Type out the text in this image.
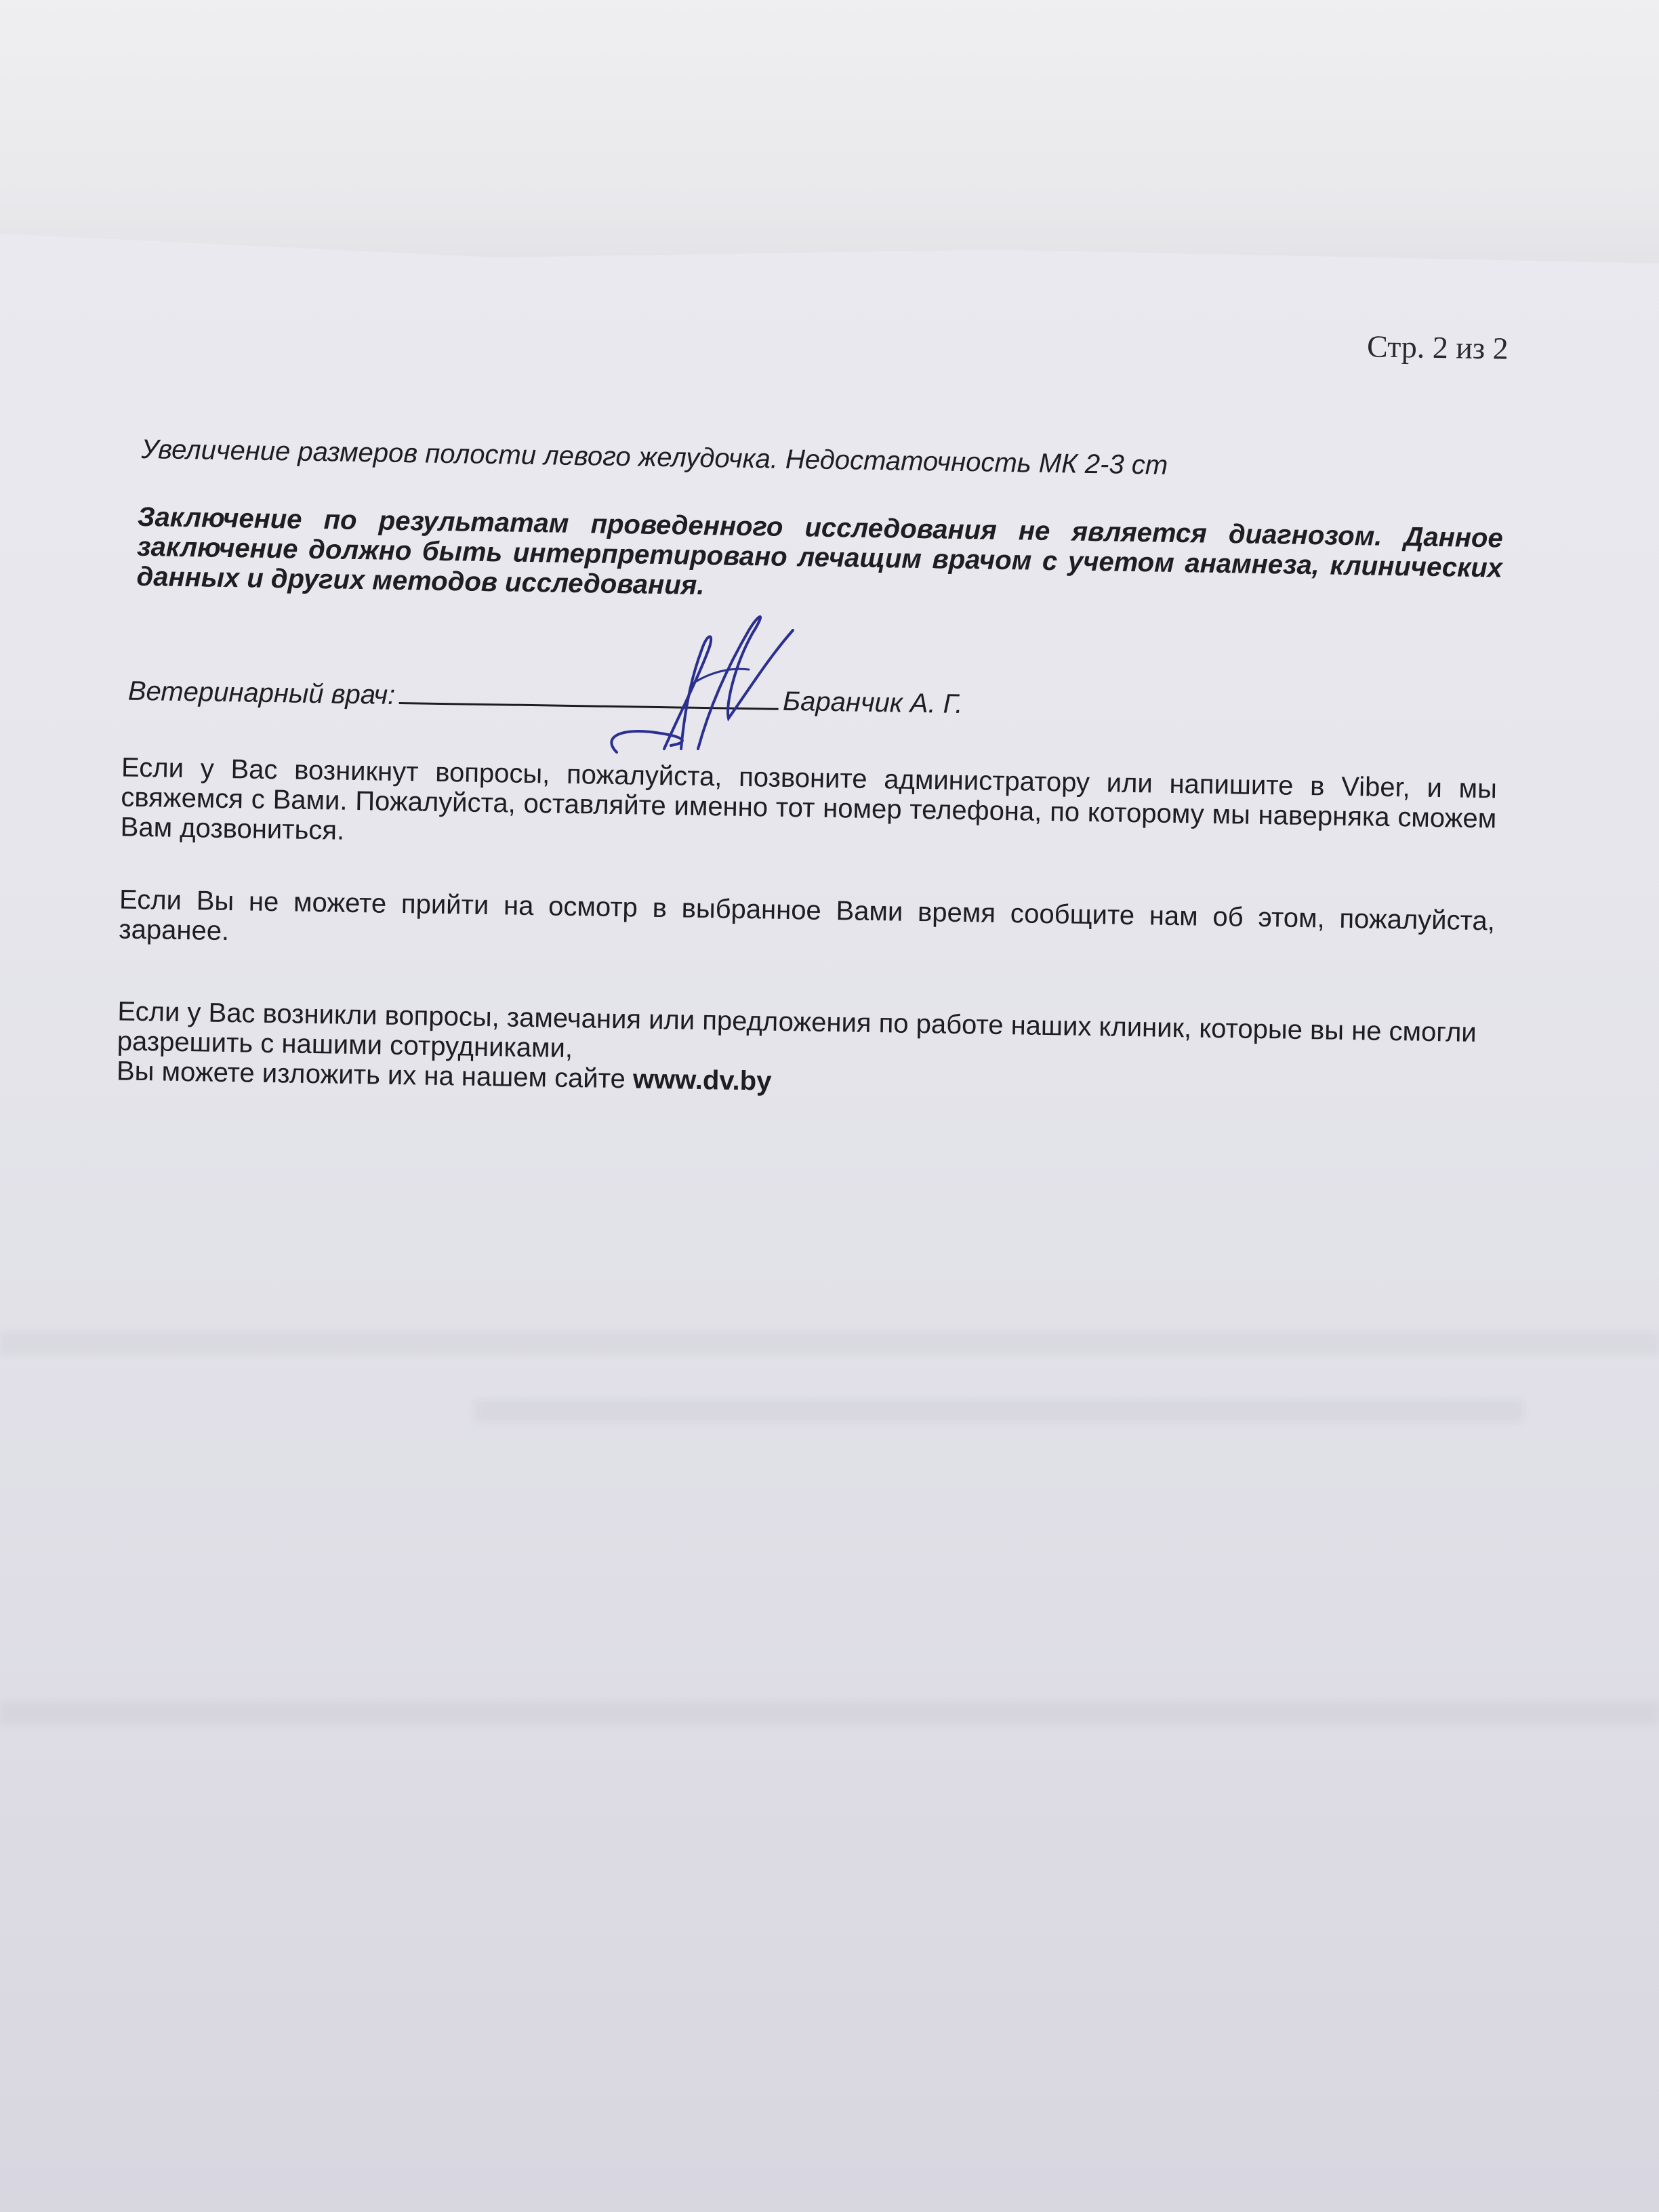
Стр. 2 из 2
Увеличение размеров полости левого желудочка. Недостаточность МК 2-3 ст
Заключение по результатам проведенного исследования не является диагнозом. Данное заключение должно быть интерпретировано лечащим врачом с учетом анамнеза, клинических данных и других методов исследования.
Ветеринарный врач:	Баранчик А. Г.
Если у Вас возникнут вопросы, пожалуйста, позвоните администратору или напишите в Viber, и мы свяжемся с Вами. Пожалуйста, оставляйте именно тот номер телефона, по которому мы наверняка сможем Вам дозвониться.
Если Вы не можете прийти на осмотр в выбранное Вами время сообщите нам об этом, пожалуйста, заранее.
Если у Вас возникли вопросы, замечания или предложения по работе наших клиник, которые вы не смогли разрешить с нашими сотрудниками,
Вы можете изложить их на нашем сайте www.dv.by
